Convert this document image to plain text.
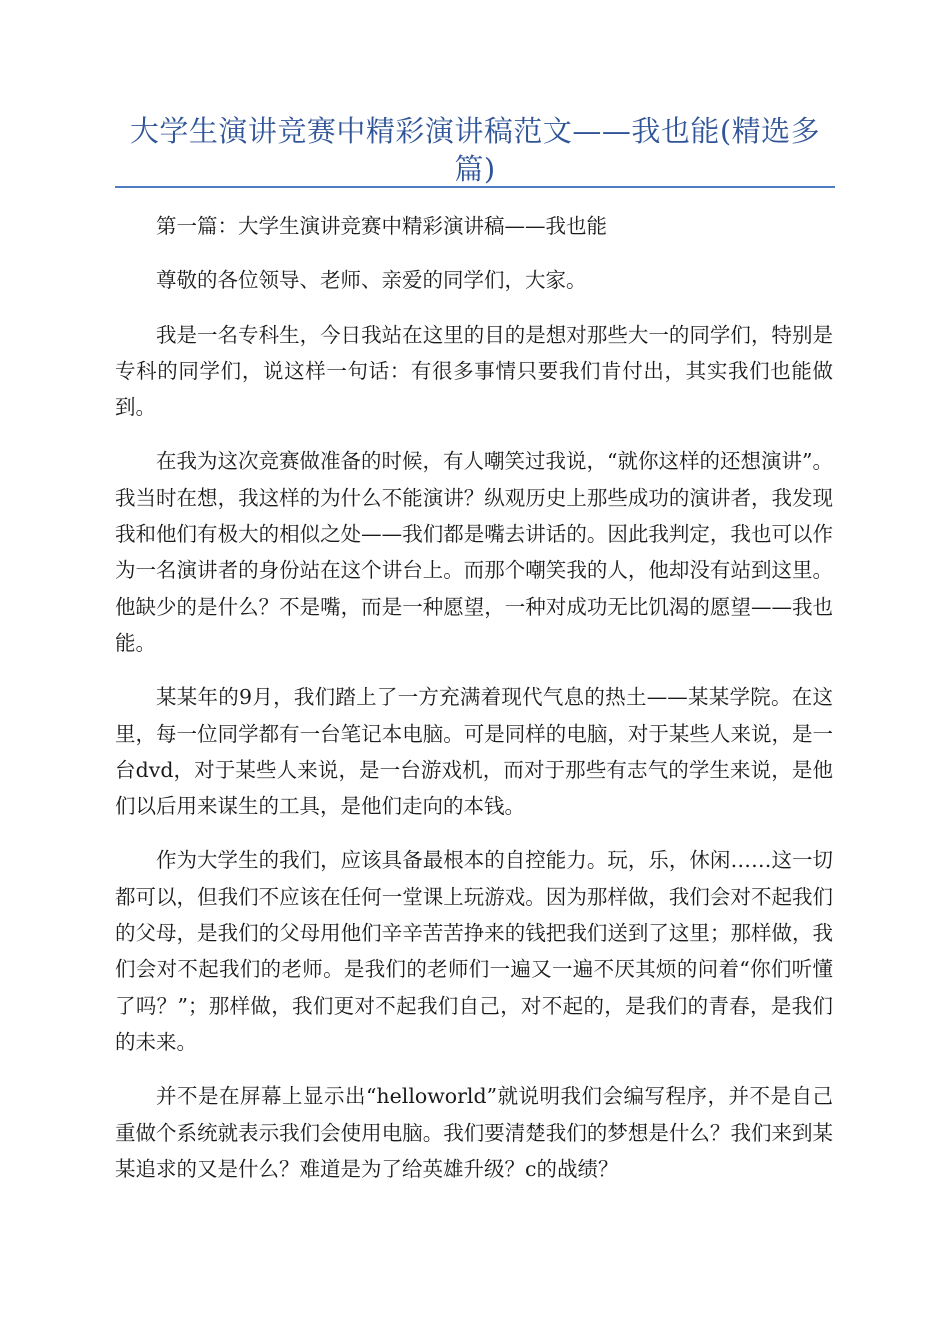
大学生演讲竞赛中精彩演讲稿范文——我也能(精选多篇)

第一篇：大学生演讲竞赛中精彩演讲稿——我也能

尊敬的各位领导、老师、亲爱的同学们，大家。

我是一名专科生，今日我站在这里的目的是想对那些大一的同学们，特别是专科的同学们，说这样一句话：有很多事情只要我们肯付出，其实我们也能做到。

在我为这次竞赛做准备的时候，有人嘲笑过我说，“就你这样的还想演讲”。我当时在想，我这样的为什么不能演讲？纵观历史上那些成功的演讲者，我发现我和他们有极大的相似之处——我们都是嘴去讲话的。因此我判定，我也可以作为一名演讲者的身份站在这个讲台上。而那个嘲笑我的人，他却没有站到这里。他缺少的是什么？不是嘴，而是一种愿望，一种对成功无比饥渴的愿望——我也能。

某某年的9月，我们踏上了一方充满着现代气息的热土——某某学院。在这里，每一位同学都有一台笔记本电脑。可是同样的电脑，对于某些人来说，是一台dvd，对于某些人来说，是一台游戏机，而对于那些有志气的学生来说，是他们以后用来谋生的工具，是他们走向的本钱。

作为大学生的我们，应该具备最根本的自控能力。玩，乐，休闲……这一切都可以，但我们不应该在任何一堂课上玩游戏。因为那样做，我们会对不起我们的父母，是我们的父母用他们辛辛苦苦挣来的钱把我们送到了这里；那样做，我们会对不起我们的老师。是我们的老师们一遍又一遍不厌其烦的问着“你们听懂了吗？”；那样做，我们更对不起我们自己，对不起的，是我们的青春，是我们的未来。

并不是在屏幕上显示出“helloworld”就说明我们会编写程序，并不是自己重做个系统就表示我们会使用电脑。我们要清楚我们的梦想是什么？我们来到某某追求的又是什么？难道是为了给英雄升级？c的战绩？
